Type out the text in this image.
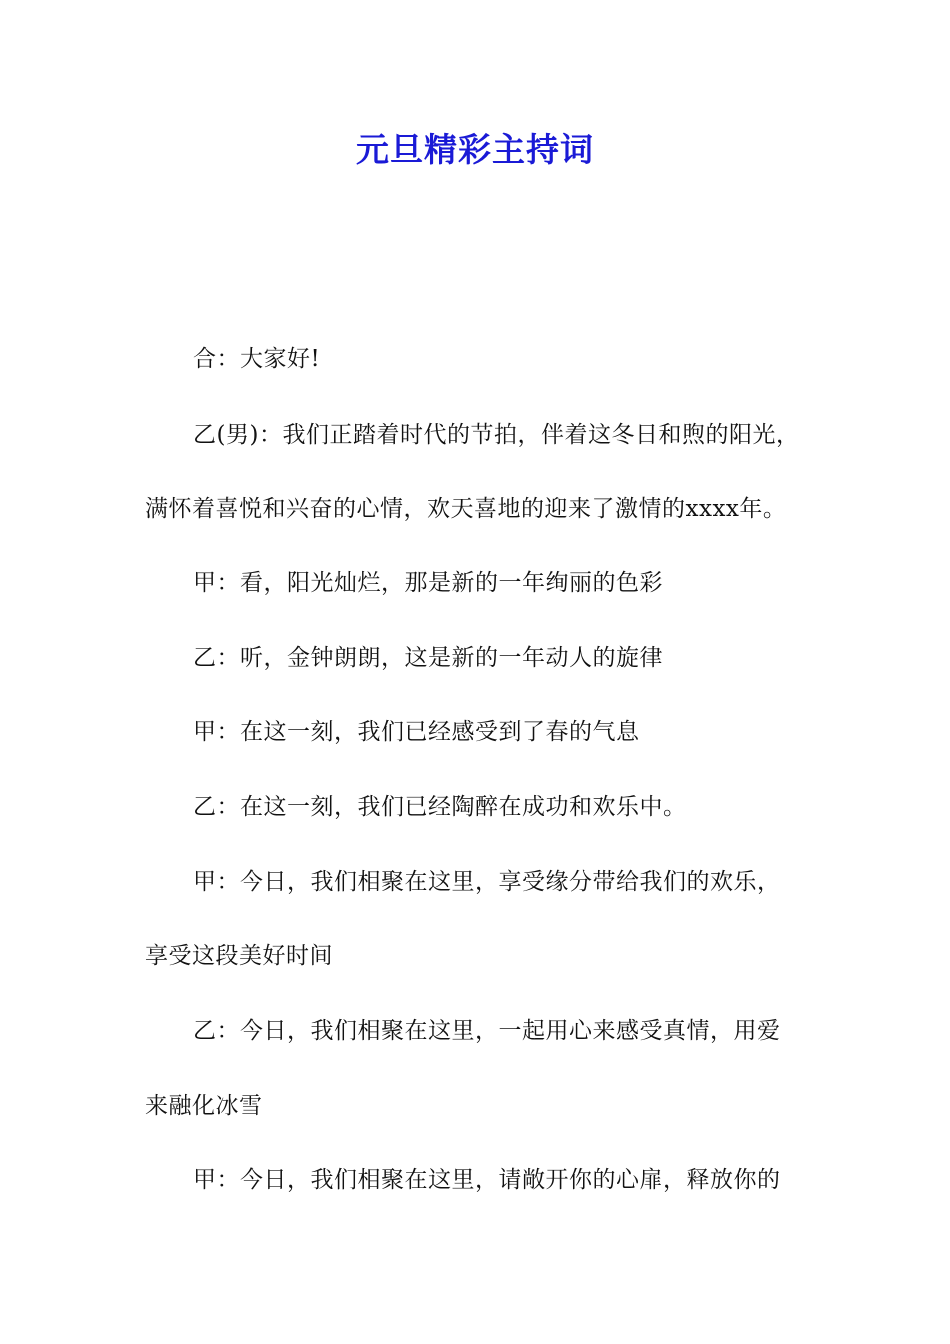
元旦精彩主持词
合：大家好!
乙(男)：我们正踏着时代的节拍，伴着这冬日和煦的阳光，
满怀着喜悦和兴奋的心情，欢天喜地的迎来了激情的xxxx年。
甲：看，阳光灿烂，那是新的一年绚丽的色彩
乙：听，金钟朗朗，这是新的一年动人的旋律
甲：在这一刻，我们已经感受到了春的气息
乙：在这一刻，我们已经陶醉在成功和欢乐中。
甲：今日，我们相聚在这里，享受缘分带给我们的欢乐，
享受这段美好时间
乙：今日，我们相聚在这里，一起用心来感受真情，用爱
来融化冰雪
甲：今日，我们相聚在这里，请敞开你的心扉，释放你的
